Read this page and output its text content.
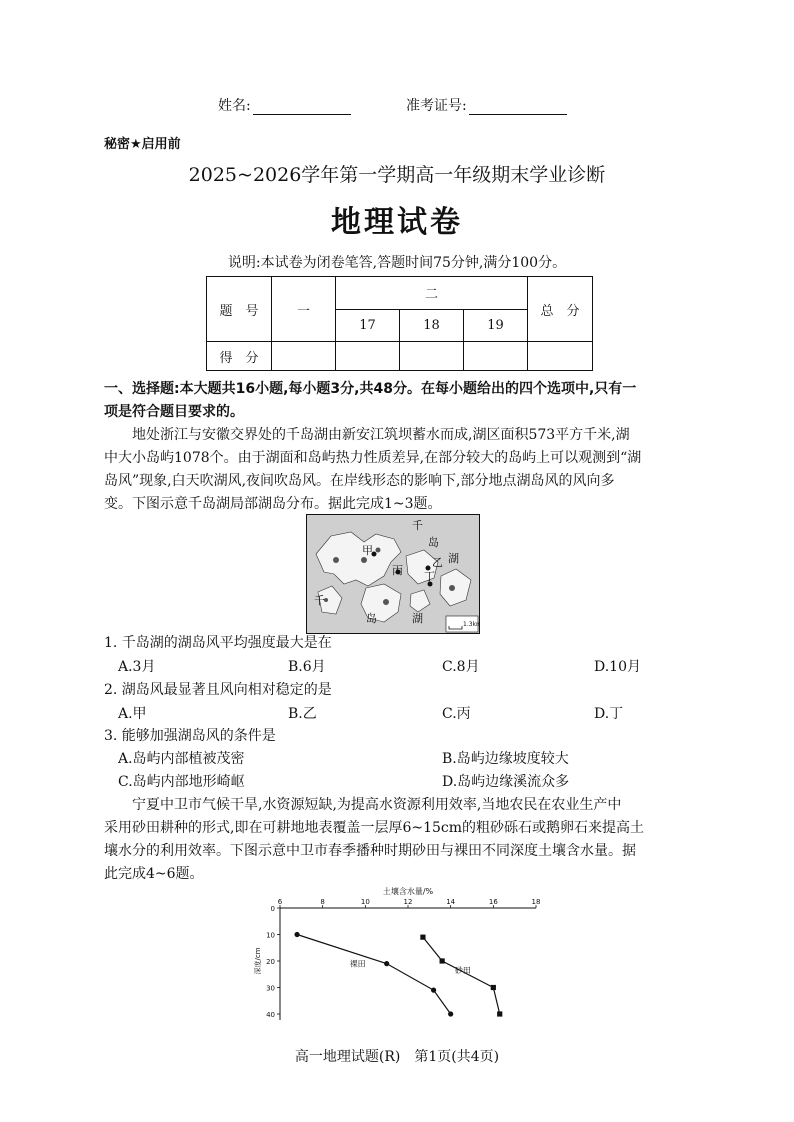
姓名:	准考证号:
秘密★启用前
2025~2026学年第一学期高一年级期末学业诊断
地理试卷
说明:本试卷为闭卷笔答,答题时间75分钟,满分100分。
题　号	一	二			总　分
		17	18	19	
得　分					
一、选择题:本大题共16小题,每小题3分,共48分。在每小题给出的四个选项中,只有一
项是符合题目要求的。
地处浙江与安徽交界处的千岛湖由新安江筑坝蓄水而成,湖区面积573平方千米,湖
中大小岛屿1078个。由于湖面和岛屿热力性质差异,在部分较大的岛屿上可以观测到“湖
岛风”现象,白天吹湖风,夜间吹岛风。在岸线形态的影响下,部分地点湖岛风的风向多
变。下图示意千岛湖局部湖岛分布。据此完成1~3题。
千
岛
湖
甲
乙
丙 丁
千
岛	湖	1.3km
1. 千岛湖的湖岛风平均强度最大是在
A.3月	B.6月	C.8月	D.10月
2. 湖岛风最显著且风向相对稳定的是
A.甲	B.乙	C.丙	D.丁
3. 能够加强湖岛风的条件是
A.岛屿内部植被茂密	B.岛屿边缘坡度较大
C.岛屿内部地形崎岖	D.岛屿边缘溪流众多
宁夏中卫市气候干旱,水资源短缺,为提高水资源利用效率,当地农民在农业生产中
采用砂田耕种的形式,即在可耕地地表覆盖一层厚6~15cm的粗砂砾石或鹅卵石来提高土
壤水分的利用效率。下图示意中卫市春季播种时期砂田与裸田不同深度土壤含水量。据
此完成4~6题。
土壤含水量/%
6	8	10	12	14	16	18
0
10
20
30
40
深度/cm	裸田
砂田
高一地理试题(R)　第1页(共4页)
